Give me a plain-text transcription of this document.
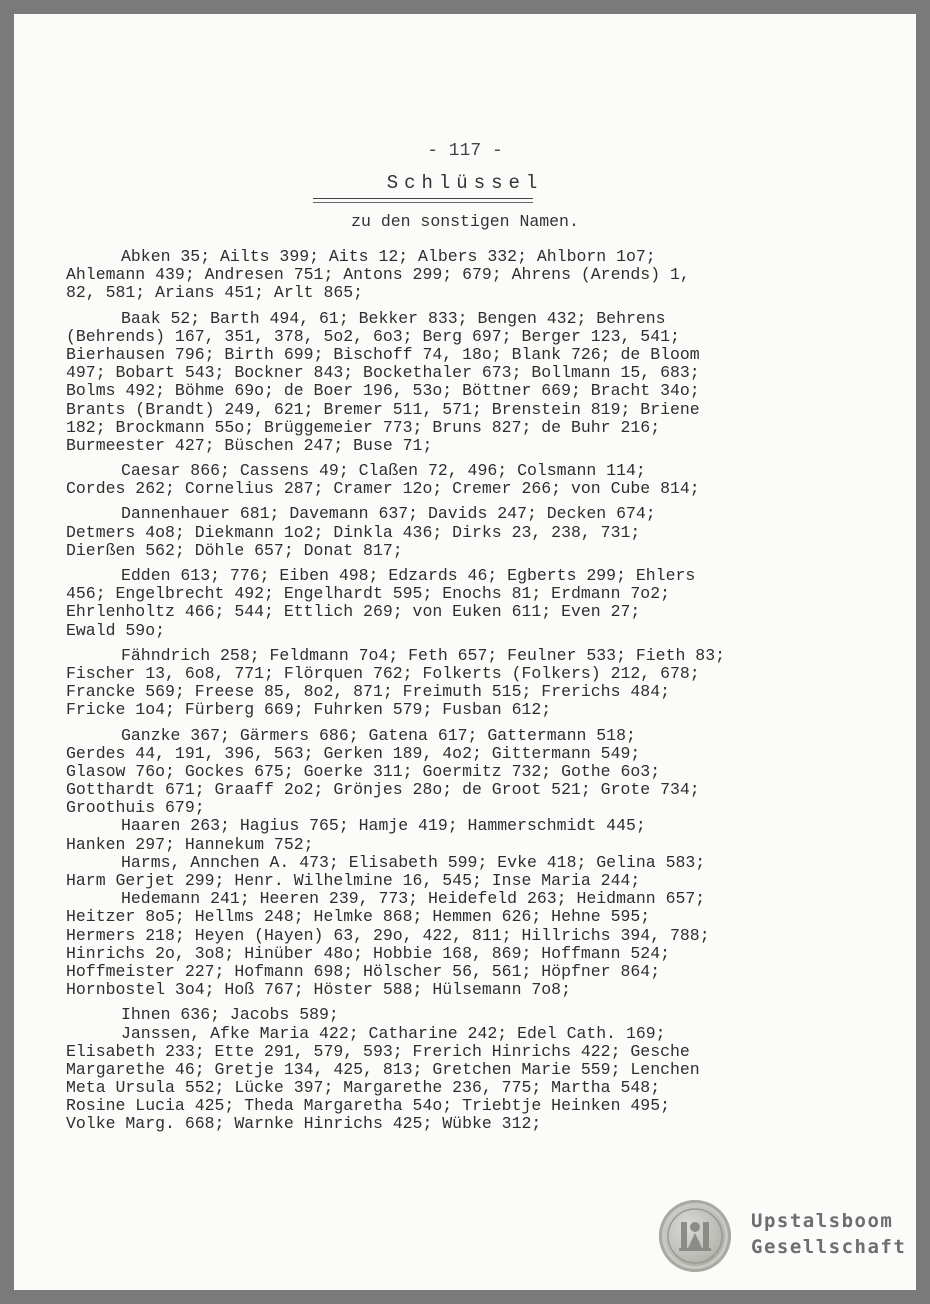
- 117 -
Schlüssel
zu den sonstigen Namen.
Abken 35; Ailts 399; Aits 12; Albers 332; Ahlborn 1o7;
Ahlemann 439; Andresen 751; Antons 299; 679; Ahrens (Arends) 1,
82, 581; Arians 451; Arlt 865;
Baak 52; Barth 494, 61; Bekker 833; Bengen 432; Behrens
(Behrends) 167, 351, 378, 5o2, 6o3; Berg 697; Berger 123, 541;
Bierhausen 796; Birth 699; Bischoff 74, 18o; Blank 726; de Bloom
497; Bobart 543; Bockner 843; Bockethaler 673; Bollmann 15, 683;
Bolms 492; Böhme 69o; de Boer 196, 53o; Böttner 669; Bracht 34o;
Brants (Brandt) 249, 621; Bremer 511, 571; Brenstein 819; Briene
182; Brockmann 55o; Brüggemeier 773; Bruns 827; de Buhr 216;
Burmeester 427; Büschen 247; Buse 71;
Caesar 866; Cassens 49; Claßen 72, 496; Colsmann 114;
Cordes 262; Cornelius 287; Cramer 12o; Cremer 266; von Cube 814;
Dannenhauer 681; Davemann 637; Davids 247; Decken 674;
Detmers 4o8; Diekmann 1o2; Dinkla 436; Dirks 23, 238, 731;
Dierßen 562; Döhle 657; Donat 817;
Edden 613; 776; Eiben 498; Edzards 46; Egberts 299; Ehlers
456; Engelbrecht 492; Engelhardt 595; Enochs 81; Erdmann 7o2;
Ehrlenholtz 466; 544; Ettlich 269; von Euken 611; Even 27;
Ewald 59o;
Fähndrich 258; Feldmann 7o4; Feth 657; Feulner 533; Fieth 83;
Fischer 13, 6o8, 771; Flörquen 762; Folkerts (Folkers) 212, 678;
Francke 569; Freese 85, 8o2, 871; Freimuth 515; Frerichs 484;
Fricke 1o4; Fürberg 669; Fuhrken 579; Fusban 612;
Ganzke 367; Gärmers 686; Gatena 617; Gattermann 518;
Gerdes 44, 191, 396, 563; Gerken 189, 4o2; Gittermann 549;
Glasow 76o; Gockes 675; Goerke 311; Goermitz 732; Gothe 6o3;
Gotthardt 671; Graaff 2o2; Grönjes 28o; de Groot 521; Grote 734;
Groothuis 679;
Haaren 263; Hagius 765; Hamje 419; Hammerschmidt 445;
Hanken 297; Hannekum 752;
Harms, Annchen A. 473; Elisabeth 599; Evke 418; Gelina 583;
Harm Gerjet 299; Henr. Wilhelmine 16, 545; Inse Maria 244;
Hedemann 241; Heeren 239, 773; Heidefeld 263; Heidmann 657;
Heitzer 8o5; Hellms 248; Helmke 868; Hemmen 626; Hehne 595;
Hermers 218; Heyen (Hayen) 63, 29o, 422, 811; Hillrichs 394, 788;
Hinrichs 2o, 3o8; Hinüber 48o; Hobbie 168, 869; Hoffmann 524;
Hoffmeister 227; Hofmann 698; Hölscher 56, 561; Höpfner 864;
Hornbostel 3o4; Hoß 767; Höster 588; Hülsemann 7o8;
Ihnen 636; Jacobs 589;
Janssen, Afke Maria 422; Catharine 242; Edel Cath. 169;
Elisabeth 233; Ette 291, 579, 593; Frerich Hinrichs 422; Gesche
Margarethe 46; Gretje 134, 425, 813; Gretchen Marie 559; Lenchen
Meta Ursula 552; Lücke 397; Margarethe 236, 775; Martha 548;
Rosine Lucia 425; Theda Margaretha 54o; Triebtje Heinken 495;
Volke Marg. 668; Warnke Hinrichs 425; Wübke 312;
Upstalsboom
Gesellschaft
